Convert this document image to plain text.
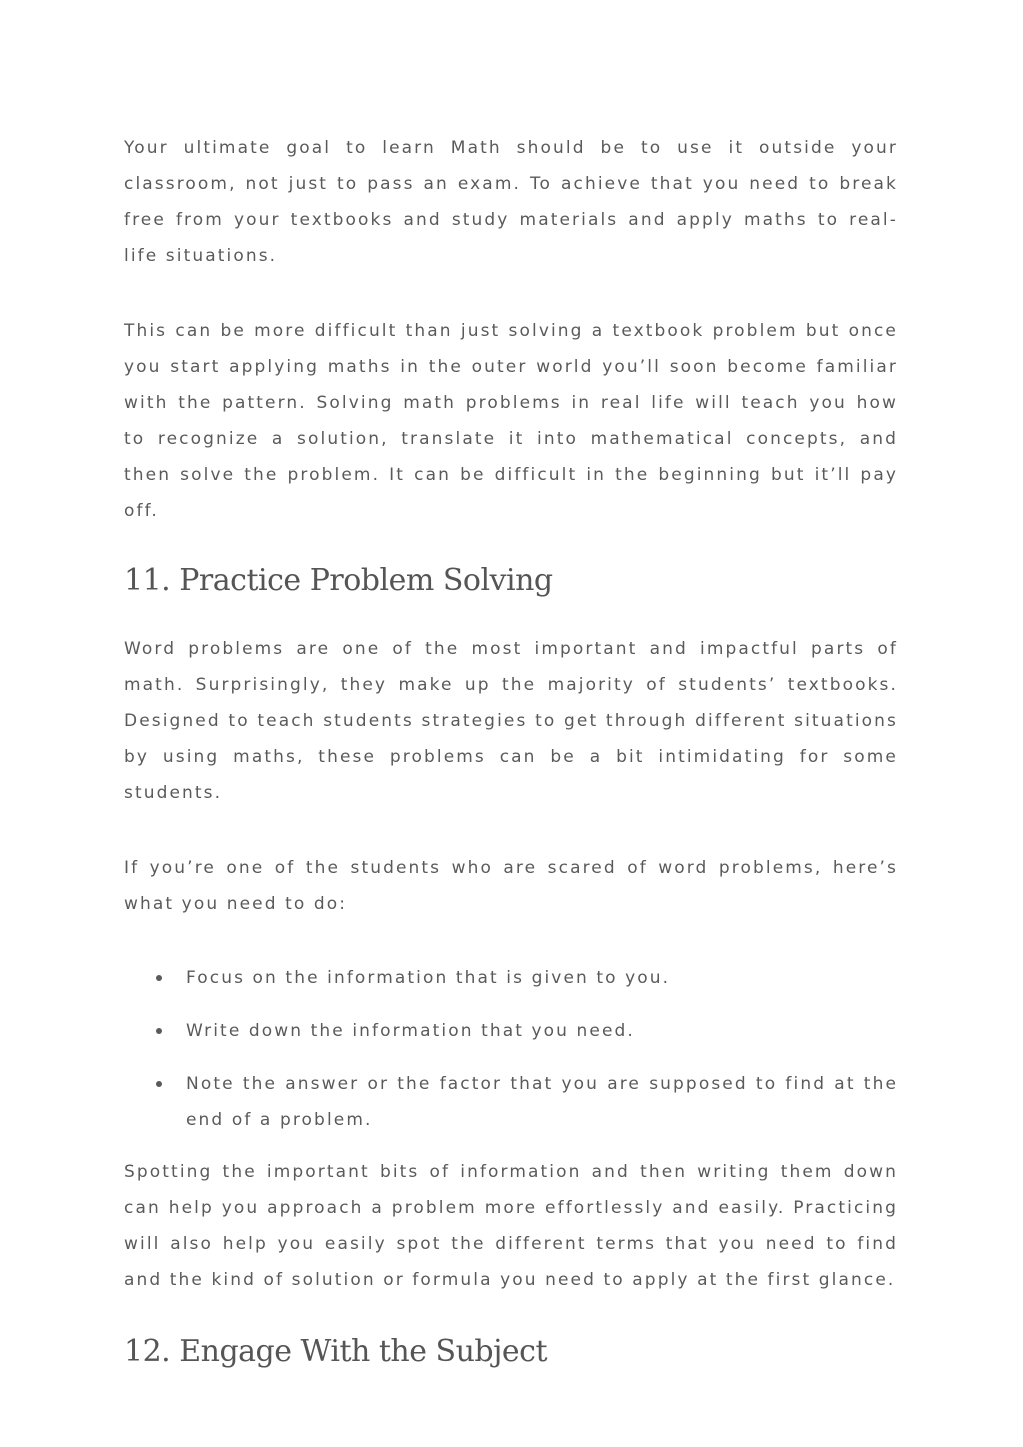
Your ultimate goal to learn Math should be to use it outside your classroom, not just to pass an exam. To achieve that you need to break free from your textbooks and study materials and apply maths to real-life situations.

This can be more difficult than just solving a textbook problem but once you start applying maths in the outer world you’ll soon become familiar with the pattern. Solving math problems in real life will teach you how to recognize a solution, translate it into mathematical concepts, and then solve the problem. It can be difficult in the beginning but it’ll pay off.

11. Practice Problem Solving

Word problems are one of the most important and impactful parts of math. Surprisingly, they make up the majority of students’ textbooks. Designed to teach students strategies to get through different situations by using maths, these problems can be a bit intimidating for some students.

If you’re one of the students who are scared of word problems, here’s what you need to do:

Focus on the information that is given to you.
Write down the information that you need.
Note the answer or the factor that you are supposed to find at the end of a problem.

Spotting the important bits of information and then writing them down can help you approach a problem more effortlessly and easily. Practicing will also help you easily spot the different terms that you need to find and the kind of solution or formula you need to apply at the first glance.

12. Engage With the Subject
